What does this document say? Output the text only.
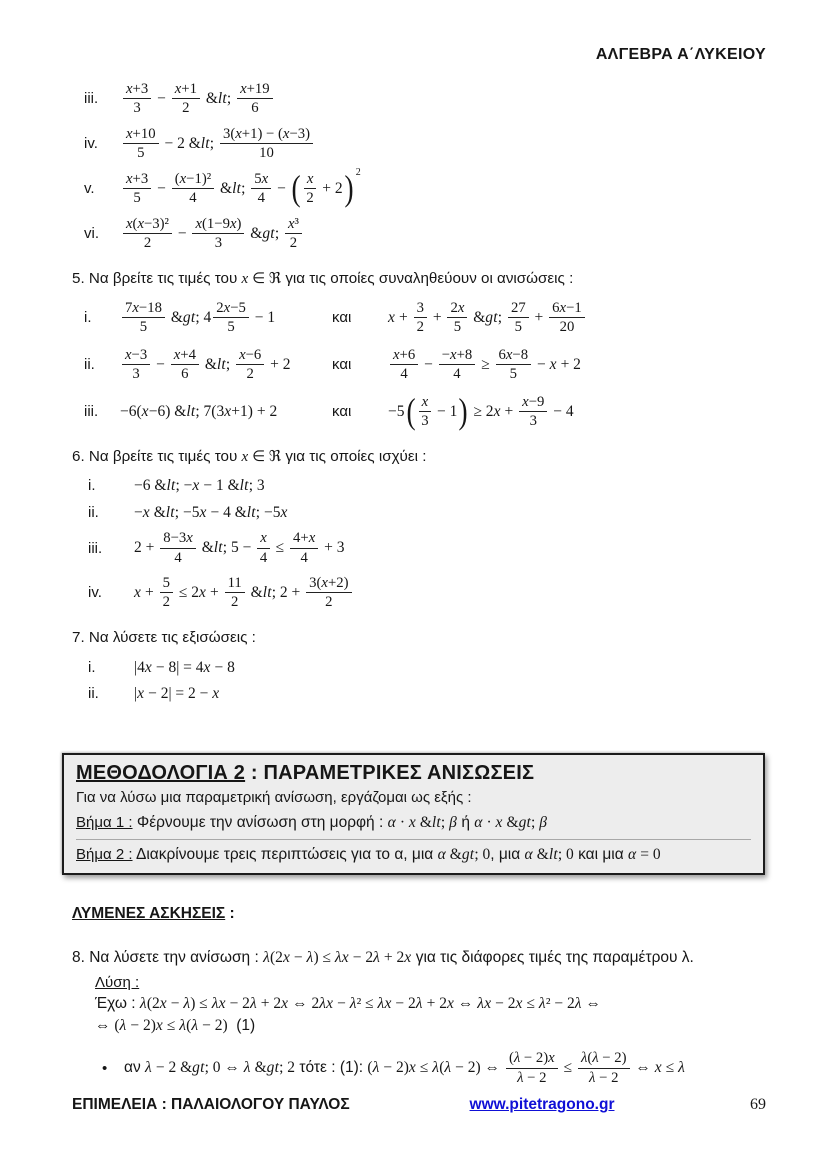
ΑΛΓΕΒΡΑ Α΄ΛΥΚΕΙΟΥ
iii.	$\frac{x+3}{3} - \frac{x+1}{2}$ &lt; $\frac{x+19}{6}$
iv.	$\frac{x+10}{5} - 2$ &lt; $\frac{3(x+1) - (x-3)}{10}$
v.	$\frac{x+3}{5} - \frac{\text{(x−1)²}}{4}$ &lt; $\frac{5x}{4}$ − ( $\frac{x}{2} + 2$ ) 2
vi.	$\frac{\text{x(x−3)²}}{2} - \frac{x(1-9x)}{3}$ &gt; $\frac{\text{x³}}{2}$
5. Να βρείτε τις τιμές του x ∈ ℜ για τις οποίες συναληθεύουν οι ανισώσεις :
i.	$\frac{7x-18}{5}$ &gt; $4 \frac{2x-5}{5} - 1$	και	$x + \frac{3}{2} + \frac{2x}{5}$ &gt; $\frac{27}{5} + \frac{6x-1}{20}$
ii.	$\frac{x-3}{3} - \frac{x+4}{6}$ &lt; $\frac{x-6}{2} + 2$	και	$\frac{x+6}{4} - \frac{-x+8}{4} \ge \frac{6x-8}{5} - x + 2$
iii.	−6(x−6) &lt; 7(3x+1) + 2	και	−5 ( $\frac{x}{3} - 1$ ) ≥ $2x + \frac{x-9}{3} - 4$
6. Να βρείτε τις τιμές του x ∈ ℜ για τις οποίες ισχύει :
i.	−6 &lt; −x − 1 &lt; 3
ii.	−x &lt; −5x − 4 &lt; −5x
iii.	$2 + \frac{8-3x}{4}$ &lt; $5 - \frac{x}{4} \le \frac{4+x}{4} + 3$
iv.	$x + \frac{5}{2} \le 2x + \frac{11}{2}$ &lt; $2 + \frac{3(x+2)}{2}$
7. Να λύσετε τις εξισώσεις :
i.	|4x − 8| = 4x − 8
ii.	|x − 2| = 2 − x
ΜΕΘΟΔΟΛΟΓΙΑ 2 : ΠΑΡΑΜΕΤΡΙΚΕΣ ΑΝΙΣΩΣΕΙΣ
Για να λύσω μια παραμετρική ανίσωση, εργάζομαι ως εξής :
Βήμα 1 : Φέρνουμε την ανίσωση στη μορφή : α · x &lt; β ή α · x &gt; β
Βήμα 2 : Διακρίνουμε τρεις περιπτώσεις για το α, μια α &gt; 0, μια α &lt; 0 και μια α = 0
ΛΥΜΕΝΕΣ ΑΣΚΗΣΕΙΣ :
8. Να λύσετε την ανίσωση : λ(2x − λ) ≤ λx − 2λ + 2x για τις διάφορες τιμές της παραμέτρου λ.
Λύση :
Έχω : λ(2x − λ) ≤ λx − 2λ + 2x ⇔ 2λx − λ² ≤ λx − 2λ + 2x ⇔ λx − 2x ≤ λ² − 2λ ⇔
⇔ (λ − 2)x ≤ λ(λ − 2)  (1)
•	αν λ − 2 &gt; 0 ⇔ λ &gt; 2 τότε : (1): (λ − 2)x ≤ λ(λ − 2) ⇔ $\frac{(\lambda - 2)x}{\lambda - 2} \le \frac{\lambda(\lambda - 2)}{\lambda - 2}$ ⇔ x ≤ λ
ΕΠΙΜΕΛΕΙΑ : ΠΑΛΑΙΟΛΟΓΟΥ ΠΑΥΛΟΣ	www.pitetragono.gr	69
